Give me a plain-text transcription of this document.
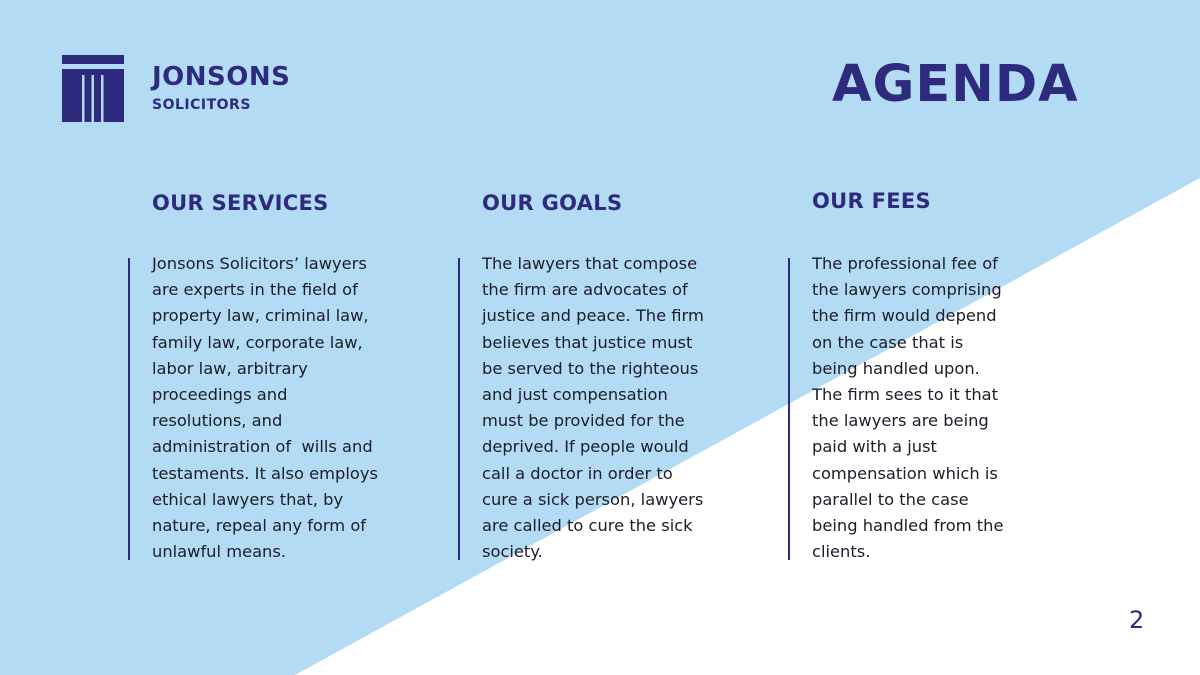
JONSONS
SOLICITORS	AGENDA
OUR SERVICES
Jonsons Solicitors’ lawyers
are experts in the field of
property law, criminal law,
family law, corporate law,
labor law, arbitrary
proceedings and
resolutions, and
administration of  wills and
testaments. It also employs
ethical lawyers that, by
nature, repeal any form of
unlawful means.
OUR GOALS
The lawyers that compose
the firm are advocates of
justice and peace. The firm
believes that justice must
be served to the righteous
and just compensation
must be provided for the
deprived. If people would
call a doctor in order to
cure a sick person, lawyers
are called to cure the sick
society.
OUR FEES
The professional fee of
the lawyers comprising
the firm would depend
on the case that is
being handled upon.
The firm sees to it that
the lawyers are being
paid with a just
compensation which is
parallel to the case
being handled from the
clients.
2
